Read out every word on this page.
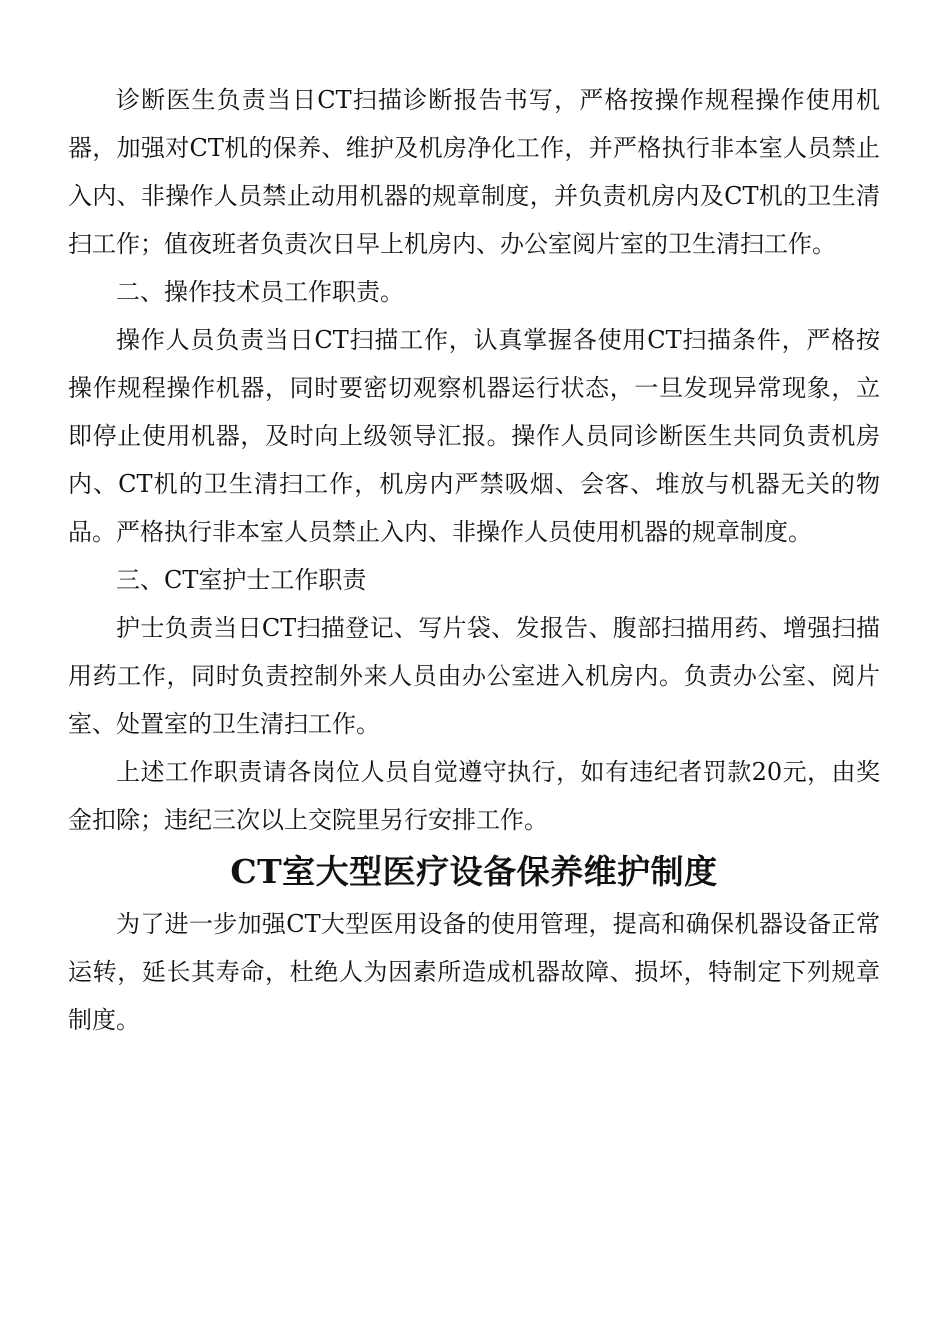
诊断医生负责当日CT扫描诊断报告书写，严格按操作规程操作使用机器，加强对CT机的保养、维护及机房净化工作，并严格执行非本室人员禁止入内、非操作人员禁止动用机器的规章制度，并负责机房内及CT机的卫生清扫工作；值夜班者负责次日早上机房内、办公室阅片室的卫生清扫工作。

二、操作技术员工作职责。

操作人员负责当日CT扫描工作，认真掌握各使用CT扫描条件，严格按操作规程操作机器，同时要密切观察机器运行状态，一旦发现异常现象，立即停止使用机器，及时向上级领导汇报。操作人员同诊断医生共同负责机房内、CT机的卫生清扫工作，机房内严禁吸烟、会客、堆放与机器无关的物品。严格执行非本室人员禁止入内、非操作人员使用机器的规章制度。

三、CT室护士工作职责

护士负责当日CT扫描登记、写片袋、发报告、腹部扫描用药、增强扫描用药工作，同时负责控制外来人员由办公室进入机房内。负责办公室、阅片室、处置室的卫生清扫工作。

上述工作职责请各岗位人员自觉遵守执行，如有违纪者罚款20元，由奖金扣除；违纪三次以上交院里另行安排工作。

CT室大型医疗设备保养维护制度

为了进一步加强CT大型医用设备的使用管理，提高和确保机器设备正常运转，延长其寿命，杜绝人为因素所造成机器故障、损坏，特制定下列规章制度。
